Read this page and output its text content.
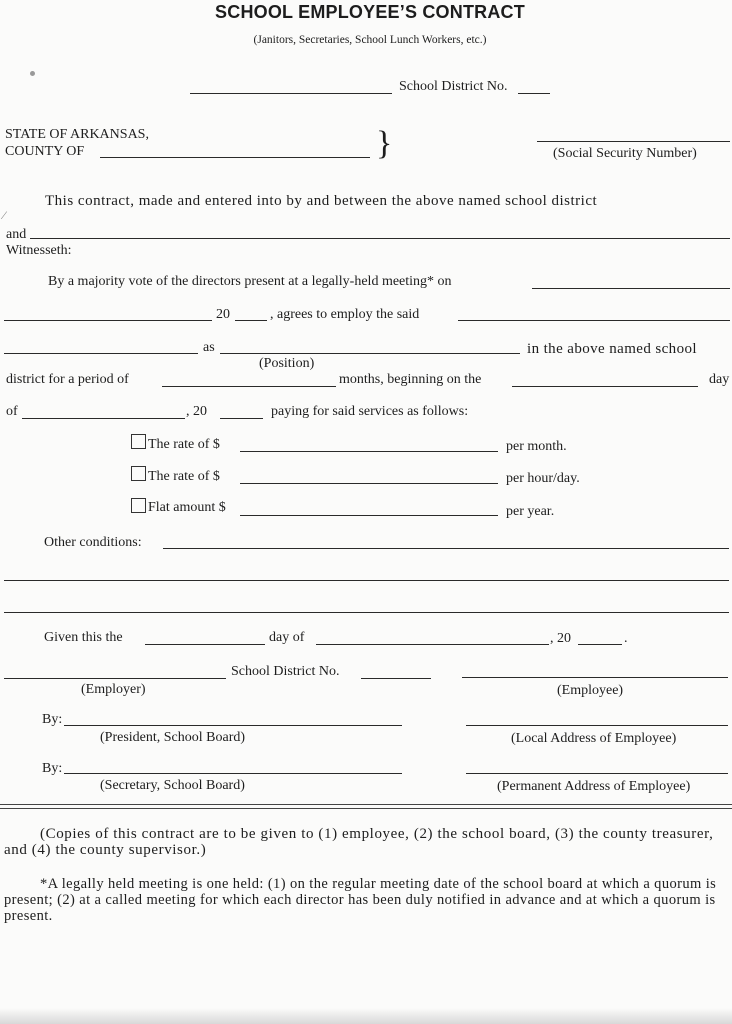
SCHOOL EMPLOYEE’S CONTRACT
(Janitors, Secretaries, School Lunch Workers, etc.)
School District No.
STATE OF ARKANSAS,
COUNTY OF	}	(Social Security Number)
This contract, made and entered into by and between the above named school district
⁄
and
Witnesseth:
By a majority vote of the directors present at a legally-held meeting* on
20	, agrees to employ the said
as	in the above named school
(Position)
district for a period of	months, beginning on the	day
of	, 20	paying for said services as follows:
The rate of $	per month.
The rate of $	per hour/day.
Flat amount $	per year.
Other conditions:
Given this the	day of	, 20	.
School District No.
(Employer)	(Employee)
By:
(President, School Board)	(Local Address of Employee)
By:
(Secretary, School Board)	(Permanent Address of Employee)
(Copies of this contract are to be given to (1) employee, (2) the school board, (3) the county treasurer, and (4) the county supervisor.)
*A legally held meeting is one held: (1) on the regular meeting date of the school board at which a quorum is present; (2) at a called meeting for which each director has been duly notified in advance and at which a quorum is present.
